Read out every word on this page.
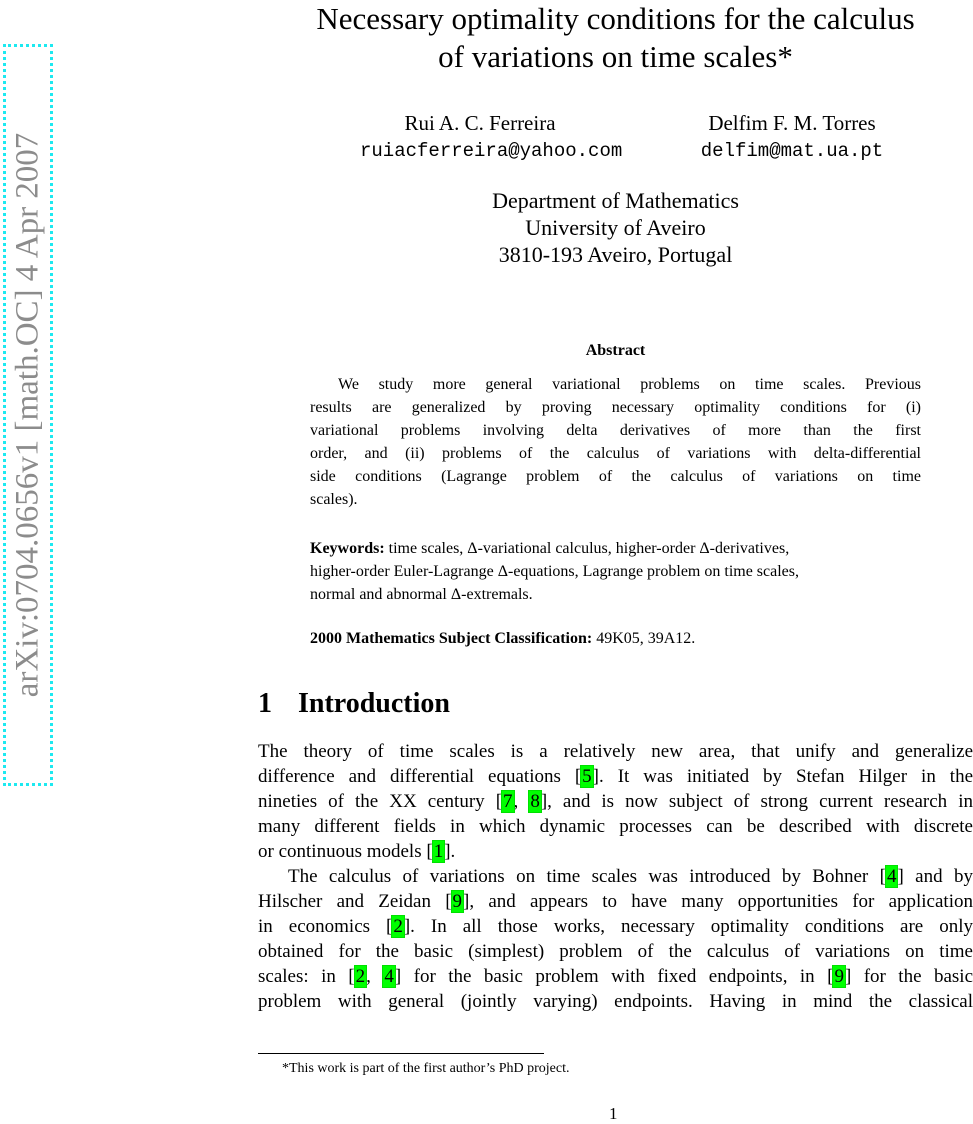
arXiv:0704.0656v1 [math.OC] 4 Apr 2007
Necessary optimality conditions for the calculus
of variations on time scales*
Rui A. C. Ferreira
ruiacferreira@yahoo.com
Delfim F. M. Torres
delfim@mat.ua.pt
Department of Mathematics
University of Aveiro
3810-193 Aveiro, Portugal
Abstract
We study more general variational problems on time scales. Previous
results are generalized by proving necessary optimality conditions for (i)
variational problems involving delta derivatives of more than the first
order, and (ii) problems of the calculus of variations with delta-differential
side conditions (Lagrange problem of the calculus of variations on time
scales).
Keywords: time scales, Δ-variational calculus, higher-order Δ-derivatives,
higher-order Euler-Lagrange Δ-equations, Lagrange problem on time scales,
normal and abnormal Δ-extremals.
2000 Mathematics Subject Classification: 49K05, 39A12.
1 Introduction
The theory of time scales is a relatively new area, that unify and generalize
difference and differential equations [5]. It was initiated by Stefan Hilger in the
nineties of the XX century [7, 8], and is now subject of strong current research in
many different fields in which dynamic processes can be described with discrete
or continuous models [1].
The calculus of variations on time scales was introduced by Bohner [4] and by
Hilscher and Zeidan [9], and appears to have many opportunities for application
in economics [2]. In all those works, necessary optimality conditions are only
obtained for the basic (simplest) problem of the calculus of variations on time
scales: in [2, 4] for the basic problem with fixed endpoints, in [9] for the basic
problem with general (jointly varying) endpoints. Having in mind the classical
*This work is part of the first author’s PhD project.
1
